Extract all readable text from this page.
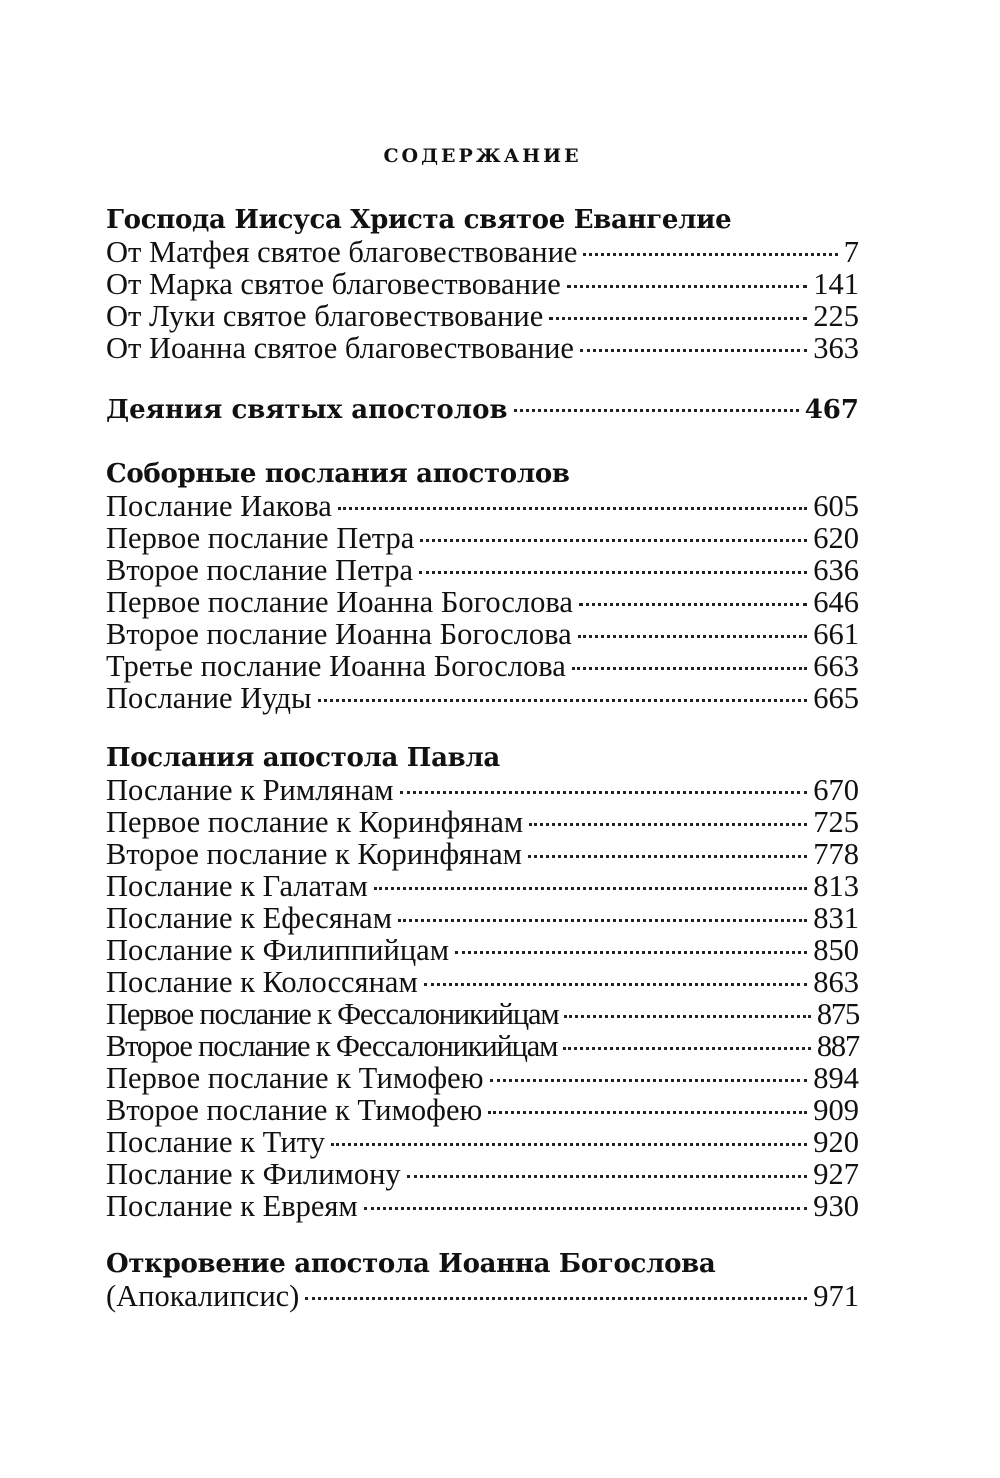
содержание
Господа Иисуса Христа святое Евангелие
От Матфея святое благовествование	7
От Марка святое благовествование	141
От Луки святое благовествование	225
От Иоанна святое благовествование	363
Деяния святых апостолов	467
Соборные послания апостолов
Послание Иакова	605
Первое послание Петра	620
Второе послание Петра	636
Первое послание Иоанна Богослова	646
Второе послание Иоанна Богослова	661
Третье послание Иоанна Богослова	663
Послание Иуды	665
Послания апостола Павла
Послание к Римлянам	670
Первое послание к Коринфянам	725
Второе послание к Коринфянам	778
Послание к Галатам	813
Послание к Ефесянам	831
Послание к Филиппийцам	850
Послание к Колоссянам	863
Первое послание к Фессалоникийцам	875
Второе послание к Фессалоникийцам	887
Первое послание к Тимофею	894
Второе послание к Тимофею	909
Послание к Титу	920
Послание к Филимону	927
Послание к Евреям	930
Откровение апостола Иоанна Богослова
(Апокалипсис)	971
